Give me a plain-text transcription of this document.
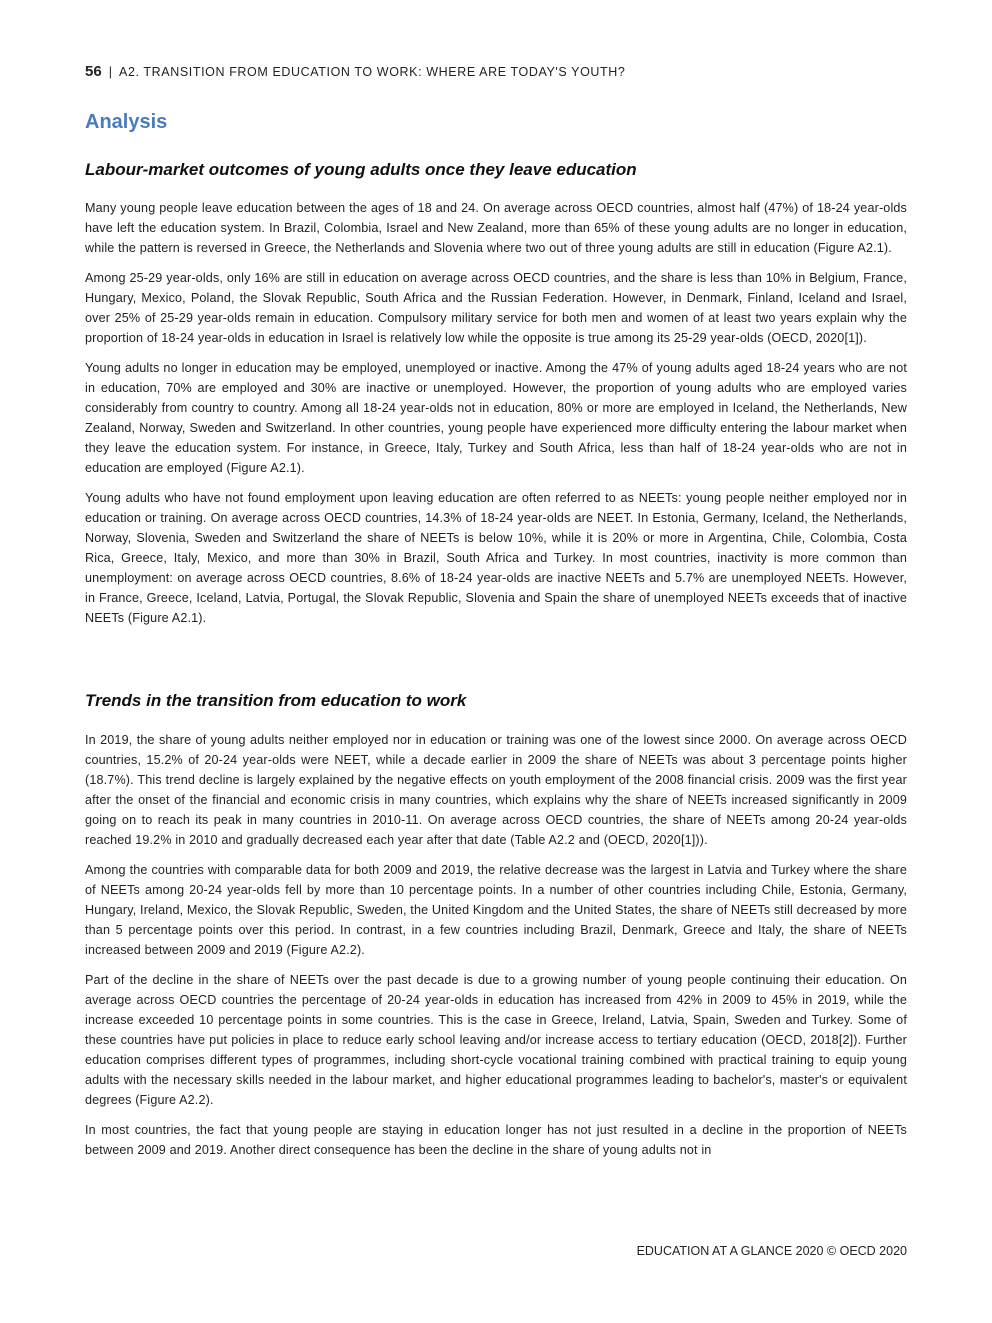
56 | A2. TRANSITION FROM EDUCATION TO WORK: WHERE ARE TODAY'S YOUTH?
Analysis
Labour-market outcomes of young adults once they leave education

Many young people leave education between the ages of 18 and 24. On average across OECD countries, almost half (47%) of 18-24 year-olds have left the education system. In Brazil, Colombia, Israel and New Zealand, more than 65% of these young adults are no longer in education, while the pattern is reversed in Greece, the Netherlands and Slovenia where two out of three young adults are still in education (Figure A2.1).

Among 25-29 year-olds, only 16% are still in education on average across OECD countries, and the share is less than 10% in Belgium, France, Hungary, Mexico, Poland, the Slovak Republic, South Africa and the Russian Federation. However, in Denmark, Finland, Iceland and Israel, over 25% of 25-29 year-olds remain in education. Compulsory military service for both men and women of at least two years explain why the proportion of 18-24 year-olds in education in Israel is relatively low while the opposite is true among its 25-29 year-olds (OECD, 2020[1]).

Young adults no longer in education may be employed, unemployed or inactive. Among the 47% of young adults aged 18-24 years who are not in education, 70% are employed and 30% are inactive or unemployed. However, the proportion of young adults who are employed varies considerably from country to country. Among all 18-24 year-olds not in education, 80% or more are employed in Iceland, the Netherlands, New Zealand, Norway, Sweden and Switzerland. In other countries, young people have experienced more difficulty entering the labour market when they leave the education system. For instance, in Greece, Italy, Turkey and South Africa, less than half of 18-24 year-olds who are not in education are employed (Figure A2.1).

Young adults who have not found employment upon leaving education are often referred to as NEETs: young people neither employed nor in education or training. On average across OECD countries, 14.3% of 18-24 year-olds are NEET. In Estonia, Germany, Iceland, the Netherlands, Norway, Slovenia, Sweden and Switzerland the share of NEETs is below 10%, while it is 20% or more in Argentina, Chile, Colombia, Costa Rica, Greece, Italy, Mexico, and more than 30% in Brazil, South Africa and Turkey. In most countries, inactivity is more common than unemployment: on average across OECD countries, 8.6% of 18-24 year-olds are inactive NEETs and 5.7% are unemployed NEETs. However, in France, Greece, Iceland, Latvia, Portugal, the Slovak Republic, Slovenia and Spain the share of unemployed NEETs exceeds that of inactive NEETs (Figure A2.1).

Trends in the transition from education to work

In 2019, the share of young adults neither employed nor in education or training was one of the lowest since 2000. On average across OECD countries, 15.2% of 20-24 year-olds were NEET, while a decade earlier in 2009 the share of NEETs was about 3 percentage points higher (18.7%). This trend decline is largely explained by the negative effects on youth employment of the 2008 financial crisis. 2009 was the first year after the onset of the financial and economic crisis in many countries, which explains why the share of NEETs increased significantly in 2009 going on to reach its peak in many countries in 2010-11. On average across OECD countries, the share of NEETs among 20-24 year-olds reached 19.2% in 2010 and gradually decreased each year after that date (Table A2.2 and (OECD, 2020[1])).

Among the countries with comparable data for both 2009 and 2019, the relative decrease was the largest in Latvia and Turkey where the share of NEETs among 20-24 year-olds fell by more than 10 percentage points. In a number of other countries including Chile, Estonia, Germany, Hungary, Ireland, Mexico, the Slovak Republic, Sweden, the United Kingdom and the United States, the share of NEETs still decreased by more than 5 percentage points over this period. In contrast, in a few countries including Brazil, Denmark, Greece and Italy, the share of NEETs increased between 2009 and 2019 (Figure A2.2).

Part of the decline in the share of NEETs over the past decade is due to a growing number of young people continuing their education. On average across OECD countries the percentage of 20-24 year-olds in education has increased from 42% in 2009 to 45% in 2019, while the increase exceeded 10 percentage points in some countries. This is the case in Greece, Ireland, Latvia, Spain, Sweden and Turkey. Some of these countries have put policies in place to reduce early school leaving and/or increase access to tertiary education (OECD, 2018[2]). Further education comprises different types of programmes, including short-cycle vocational training combined with practical training to equip young adults with the necessary skills needed in the labour market, and higher educational programmes leading to bachelor's, master's or equivalent degrees (Figure A2.2).

In most countries, the fact that young people are staying in education longer has not just resulted in a decline in the proportion of NEETs between 2009 and 2019. Another direct consequence has been the decline in the share of young adults not in

EDUCATION AT A GLANCE 2020 © OECD 2020
